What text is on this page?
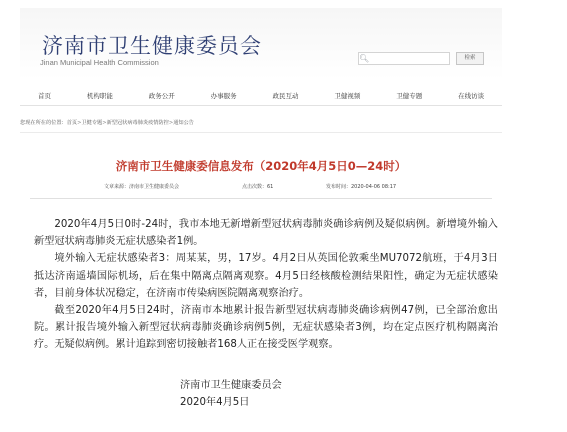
济南市卫生健康委员会
Jinan Municipal Health Commission	🔍︎	检索
首页	机构职能	政务公开	办事服务	政民互动	卫健视频	卫健专题	在线访谈
您现在所在的位置：首页>卫健专题>新型冠状病毒肺炎疫情防控>通知公告
济南市卫生健康委信息发布（2020年4月5日0—24时）
文章来源：济南市卫生健康委员会	点击次数：61	发布时间：2020-04-06 08:17

2020年4月5日0时-24时，我市本地无新增新型冠状病毒肺炎确诊病例及疑似病例。新增境外输入新型冠状病毒肺炎无症状感染者1例。

境外输入无症状感染者3：周某某，男，17岁。4月2日从英国伦敦乘坐MU7072航班，于4月3日抵达济南遥墙国际机场，后在集中隔离点隔离观察。4月5日经核酸检测结果阳性，确定为无症状感染者，目前身体状况稳定，在济南市传染病医院隔离观察治疗。

截至2020年4月5日24时，济南市本地累计报告新型冠状病毒肺炎确诊病例47例，已全部治愈出院。累计报告境外输入新型冠状病毒肺炎确诊病例5例，无症状感染者3例，均在定点医疗机构隔离治疗。无疑似病例。累计追踪到密切接触者168人正在接受医学观察。

济南市卫生健康委员会
2020年4月5日
